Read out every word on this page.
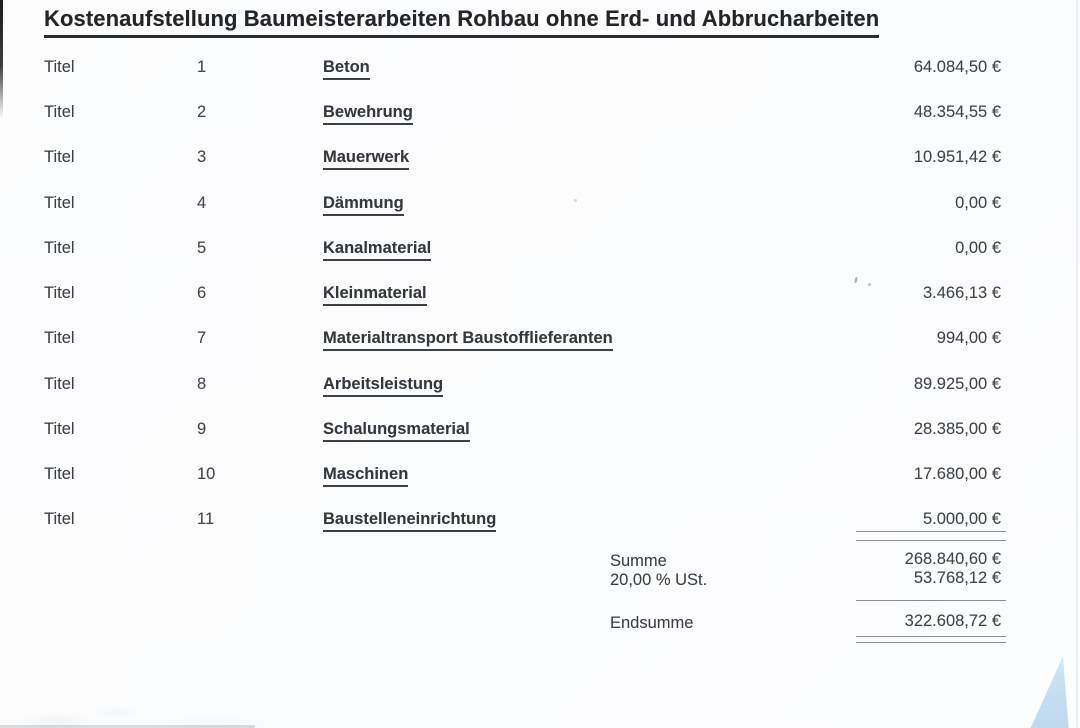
Kostenaufstellung Baumeisterarbeiten Rohbau ohne Erd- und Abbrucharbeiten
Titel	1	Beton	64.084,50 €
Titel	2	Bewehrung	48.354,55 €
Titel	3	Mauerwerk	10.951,42 €
Titel	4	Dämmung	0,00 €
Titel	5	Kanalmaterial	0,00 €
Titel	6	Kleinmaterial	3.466,13 €
Titel	7	Materialtransport Baustofflieferanten	994,00 €
Titel	8	Arbeitsleistung	89.925,00 €
Titel	9	Schalungsmaterial	28.385,00 €
Titel	10	Maschinen	17.680,00 €
Titel	11	Baustelleneinrichtung	5.000,00 €
Summe	268.840,60 €
20,00 % USt.	53.768,12 €
Endsumme	322.608,72 €
